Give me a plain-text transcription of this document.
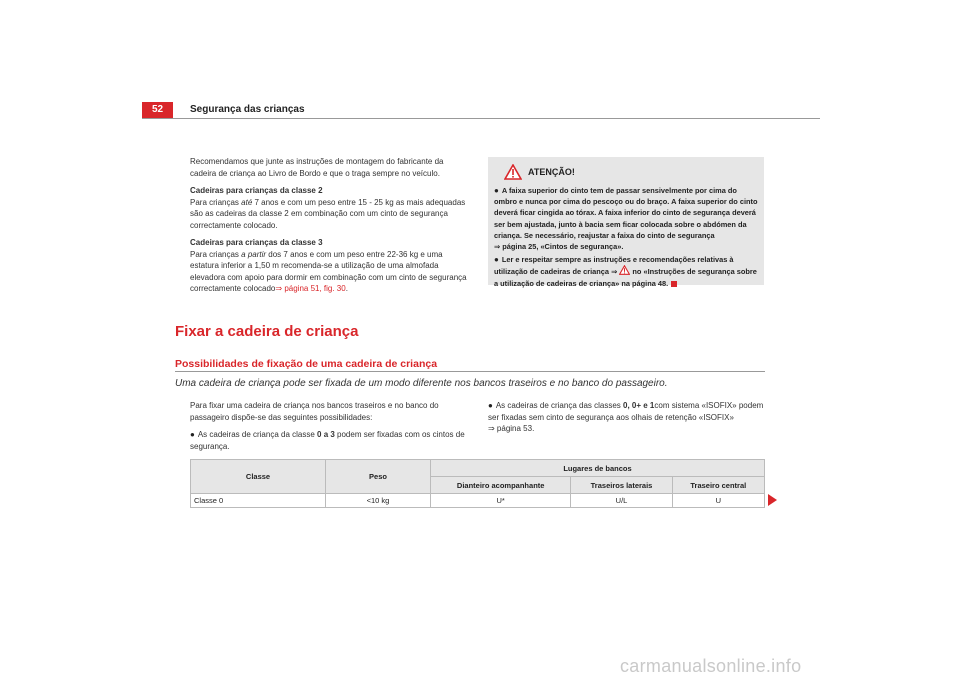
52	Segurança das crianças

Recomendamos que junte as instruções de montagem do fabricante da cadeira de criança ao Livro de Bordo e que o traga sempre no veículo.

Cadeiras para crianças da classe 2

Para crianças até 7 anos e com um peso entre 15 - 25 kg as mais adequadas são as cadeiras da classe 2 em combinação com um cinto de segurança correctamente colocado.

Cadeiras para crianças da classe 3

Para crianças a partir dos 7 anos e com um peso entre 22-36 kg e uma estatura inferior a 1,50 m recomenda-se a utilização de uma almofada elevadora com apoio para dormir em combinação com um cinto de segurança correctamente colocado⇒ página 51, fig. 30.

ATENÇÃO!

● A faixa superior do cinto tem de passar sensivelmente por cima do ombro e nunca por cima do pescoço ou do braço. A faixa superior do cinto deverá ficar cingida ao tórax. A faixa inferior do cinto de segurança deverá ser bem ajustada, junto à bacia sem ficar colocada sobre o abdómen da criança. Se necessário, reajustar a faixa do cinto de segurança
⇒ página 25, «Cintos de segurança».

● Ler e respeitar sempre as instruções e recomendações relativas à utilização de cadeiras de criança ⇒ no «Instruções de segurança sobre a utilização de cadeiras de criança» na página 48.

Fixar a cadeira de criança
Possibilidades de fixação de uma cadeira de criança
Uma cadeira de criança pode ser fixada de um modo diferente nos bancos traseiros e no banco do passageiro.

Para fixar uma cadeira de criança nos bancos traseiros e no banco do passageiro dispõe-se das seguintes possibilidades:

● As cadeiras de criança da classe 0 a 3 podem ser fixadas com os cintos de segurança.

● As cadeiras de criança das classes 0, 0+ e 1com sistema «ISOFIX» podem ser fixadas sem cinto de segurança aos olhais de retenção «ISOFIX»
⇒ página 53.

Classe	Peso	Lugares de bancos		
		Dianteiro acompanhante	Traseiros laterais	Traseiro central
Classe 0	<10 kg	U*	U/L	U
carmanualsonline.info
